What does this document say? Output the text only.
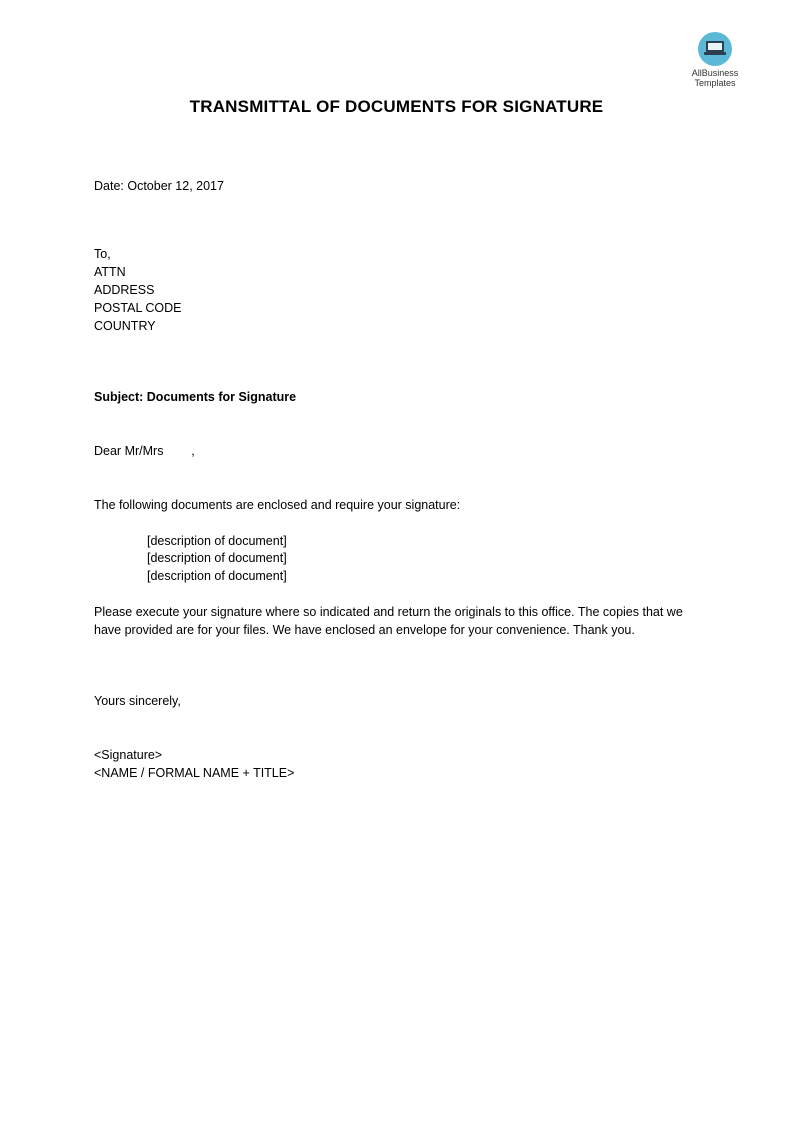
AllBusiness
Templates
TRANSMITTAL OF DOCUMENTS FOR SIGNATURE
Date: October 12, 2017
To,
ATTN
ADDRESS
POSTAL CODE
COUNTRY
Subject: Documents for Signature
Dear Mr/Mrs        ,
The following documents are enclosed and require your signature:
[description of document]
[description of document]
[description of document]
Please execute your signature where so indicated and return the originals to this office. The copies that we have provided are for your files. We have enclosed an envelope for your convenience. Thank you.
Yours sincerely,
<Signature>
<NAME / FORMAL NAME + TITLE>
